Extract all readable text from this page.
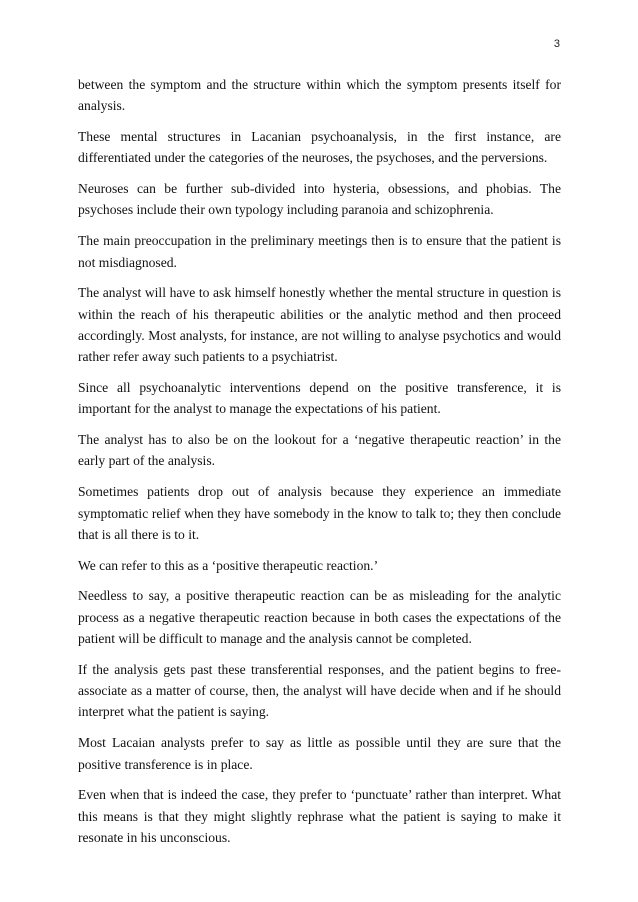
3

between the symptom and the structure within which the symptom presents itself for analysis.

These mental structures in Lacanian psychoanalysis, in the first instance, are differentiated under the categories of the neuroses, the psychoses, and the perversions.

Neuroses can be further sub-divided into hysteria, obsessions, and phobias. The psychoses include their own typology including paranoia and schizophrenia.

The main preoccupation in the preliminary meetings then is to ensure that the patient is not misdiagnosed.

The analyst will have to ask himself honestly whether the mental structure in question is within the reach of his therapeutic abilities or the analytic method and then proceed accordingly. Most analysts, for instance, are not willing to analyse psychotics and would rather refer away such patients to a psychiatrist.

Since all psychoanalytic interventions depend on the positive transference, it is important for the analyst to manage the expectations of his patient.

The analyst has to also be on the lookout for a ‘negative therapeutic reaction’ in the early part of the analysis.

Sometimes patients drop out of analysis because they experience an immediate symptomatic relief when they have somebody in the know to talk to; they then conclude that is all there is to it.

We can refer to this as a ‘positive therapeutic reaction.’

Needless to say, a positive therapeutic reaction can be as misleading for the analytic process as a negative therapeutic reaction because in both cases the expectations of the patient will be difficult to manage and the analysis cannot be completed.

If the analysis gets past these transferential responses, and the patient begins to free-associate as a matter of course, then, the analyst will have decide when and if he should interpret what the patient is saying.

Most Lacaian analysts prefer to say as little as possible until they are sure that the positive transference is in place.

Even when that is indeed the case, they prefer to ‘punctuate’ rather than interpret. What this means is that they might slightly rephrase what the patient is saying to make it resonate in his unconscious.
